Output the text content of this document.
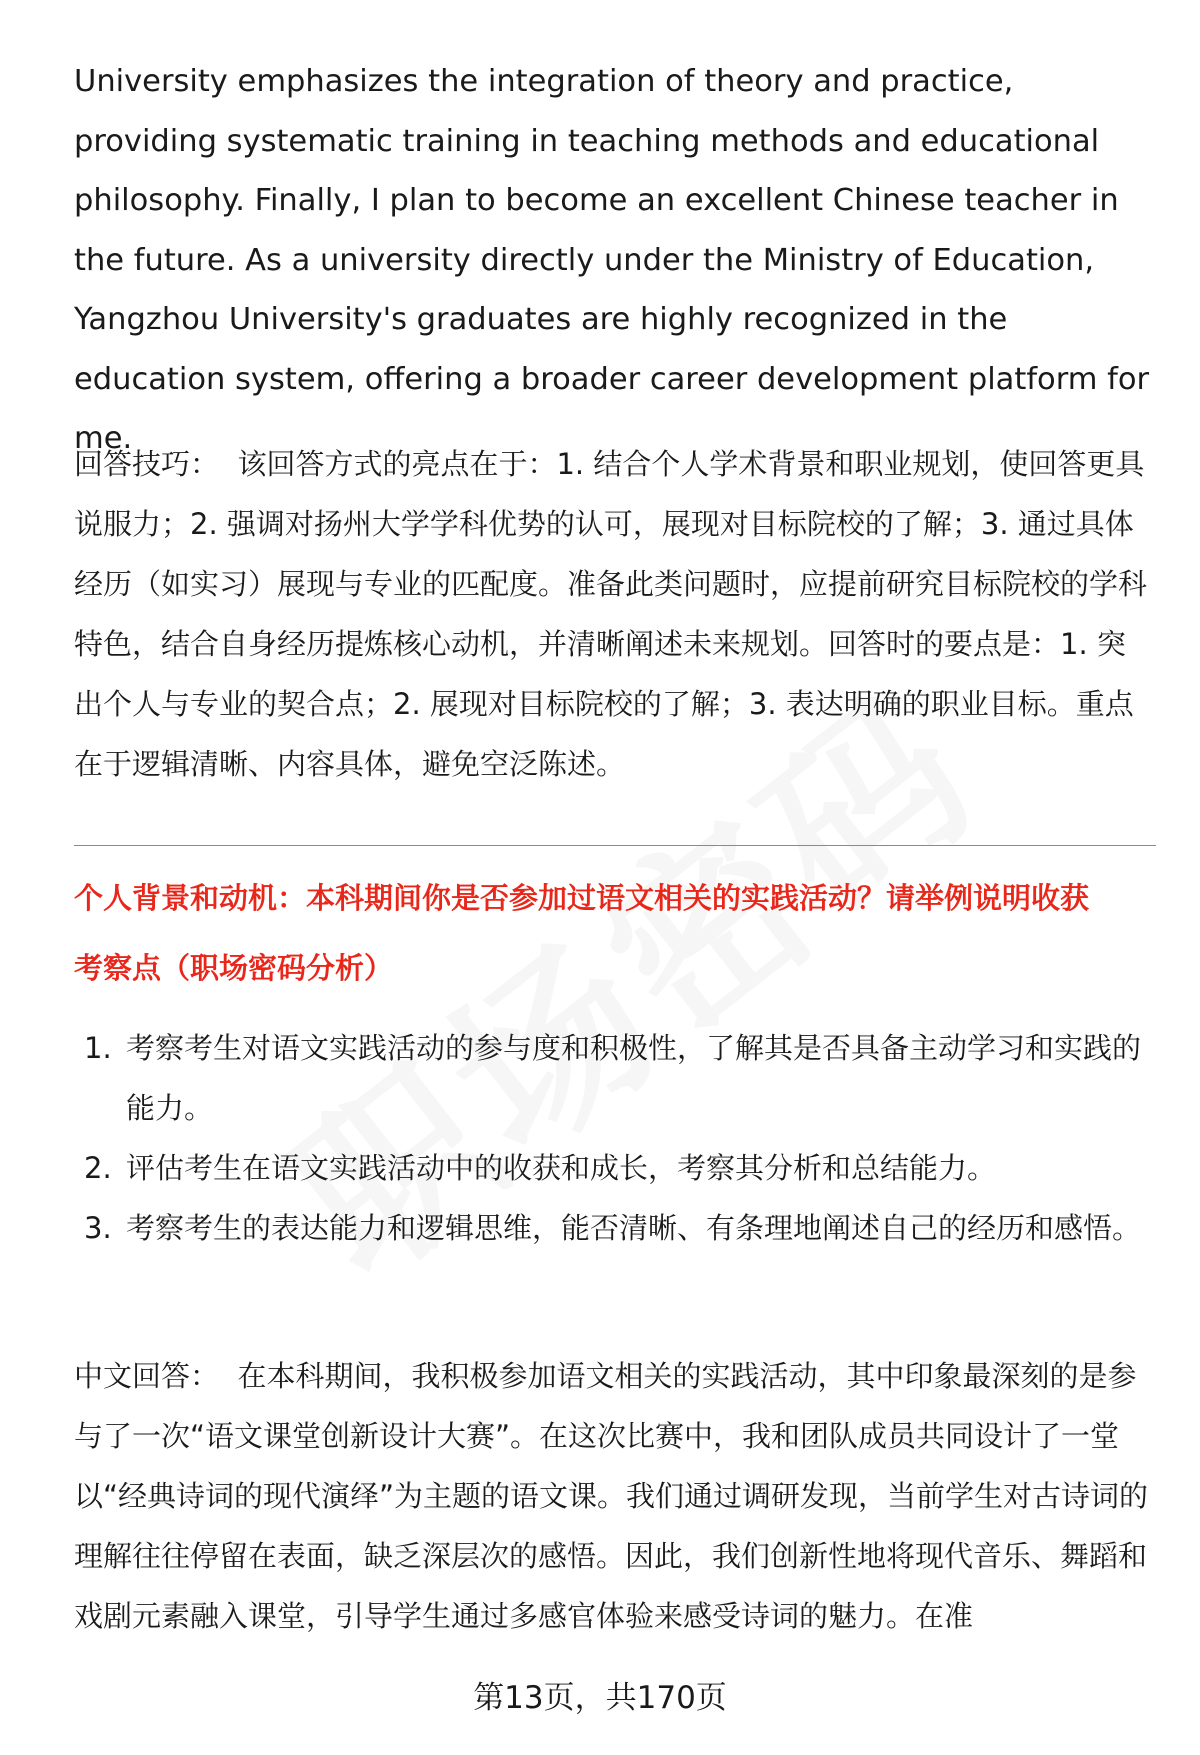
University emphasizes the integration of theory and practice, providing systematic training in teaching methods and educational philosophy. Finally, I plan to become an excellent Chinese teacher in the future. As a university directly under the Ministry of Education, Yangzhou University's graduates are highly recognized in the education system, offering a broader career development platform for me.

回答技巧： 该回答方式的亮点在于：1. 结合个人学术背景和职业规划，使回答更具说服力；2. 强调对扬州大学学科优势的认可，展现对目标院校的了解；3. 通过具体经历（如实习）展现与专业的匹配度。准备此类问题时，应提前研究目标院校的学科特色，结合自身经历提炼核心动机，并清晰阐述未来规划。回答时的要点是：1. 突出个人与专业的契合点；2. 展现对目标院校的了解；3. 表达明确的职业目标。重点在于逻辑清晰、内容具体，避免空泛陈述。

个人背景和动机：本科期间你是否参加过语文相关的实践活动？请举例说明收获

考察点（职场密码分析）

1. 考察考生对语文实践活动的参与度和积极性，了解其是否具备主动学习和实践的能力。
2. 评估考生在语文实践活动中的收获和成长，考察其分析和总结能力。
3. 考察考生的表达能力和逻辑思维，能否清晰、有条理地阐述自己的经历和感悟。

中文回答： 在本科期间，我积极参加语文相关的实践活动，其中印象最深刻的是参与了一次“语文课堂创新设计大赛”。在这次比赛中，我和团队成员共同设计了一堂以“经典诗词的现代演绎”为主题的语文课。我们通过调研发现，当前学生对古诗词的理解往往停留在表面，缺乏深层次的感悟。因此，我们创新性地将现代音乐、舞蹈和戏剧元素融入课堂，引导学生通过多感官体验来感受诗词的魅力。在准

第13页，共170页
